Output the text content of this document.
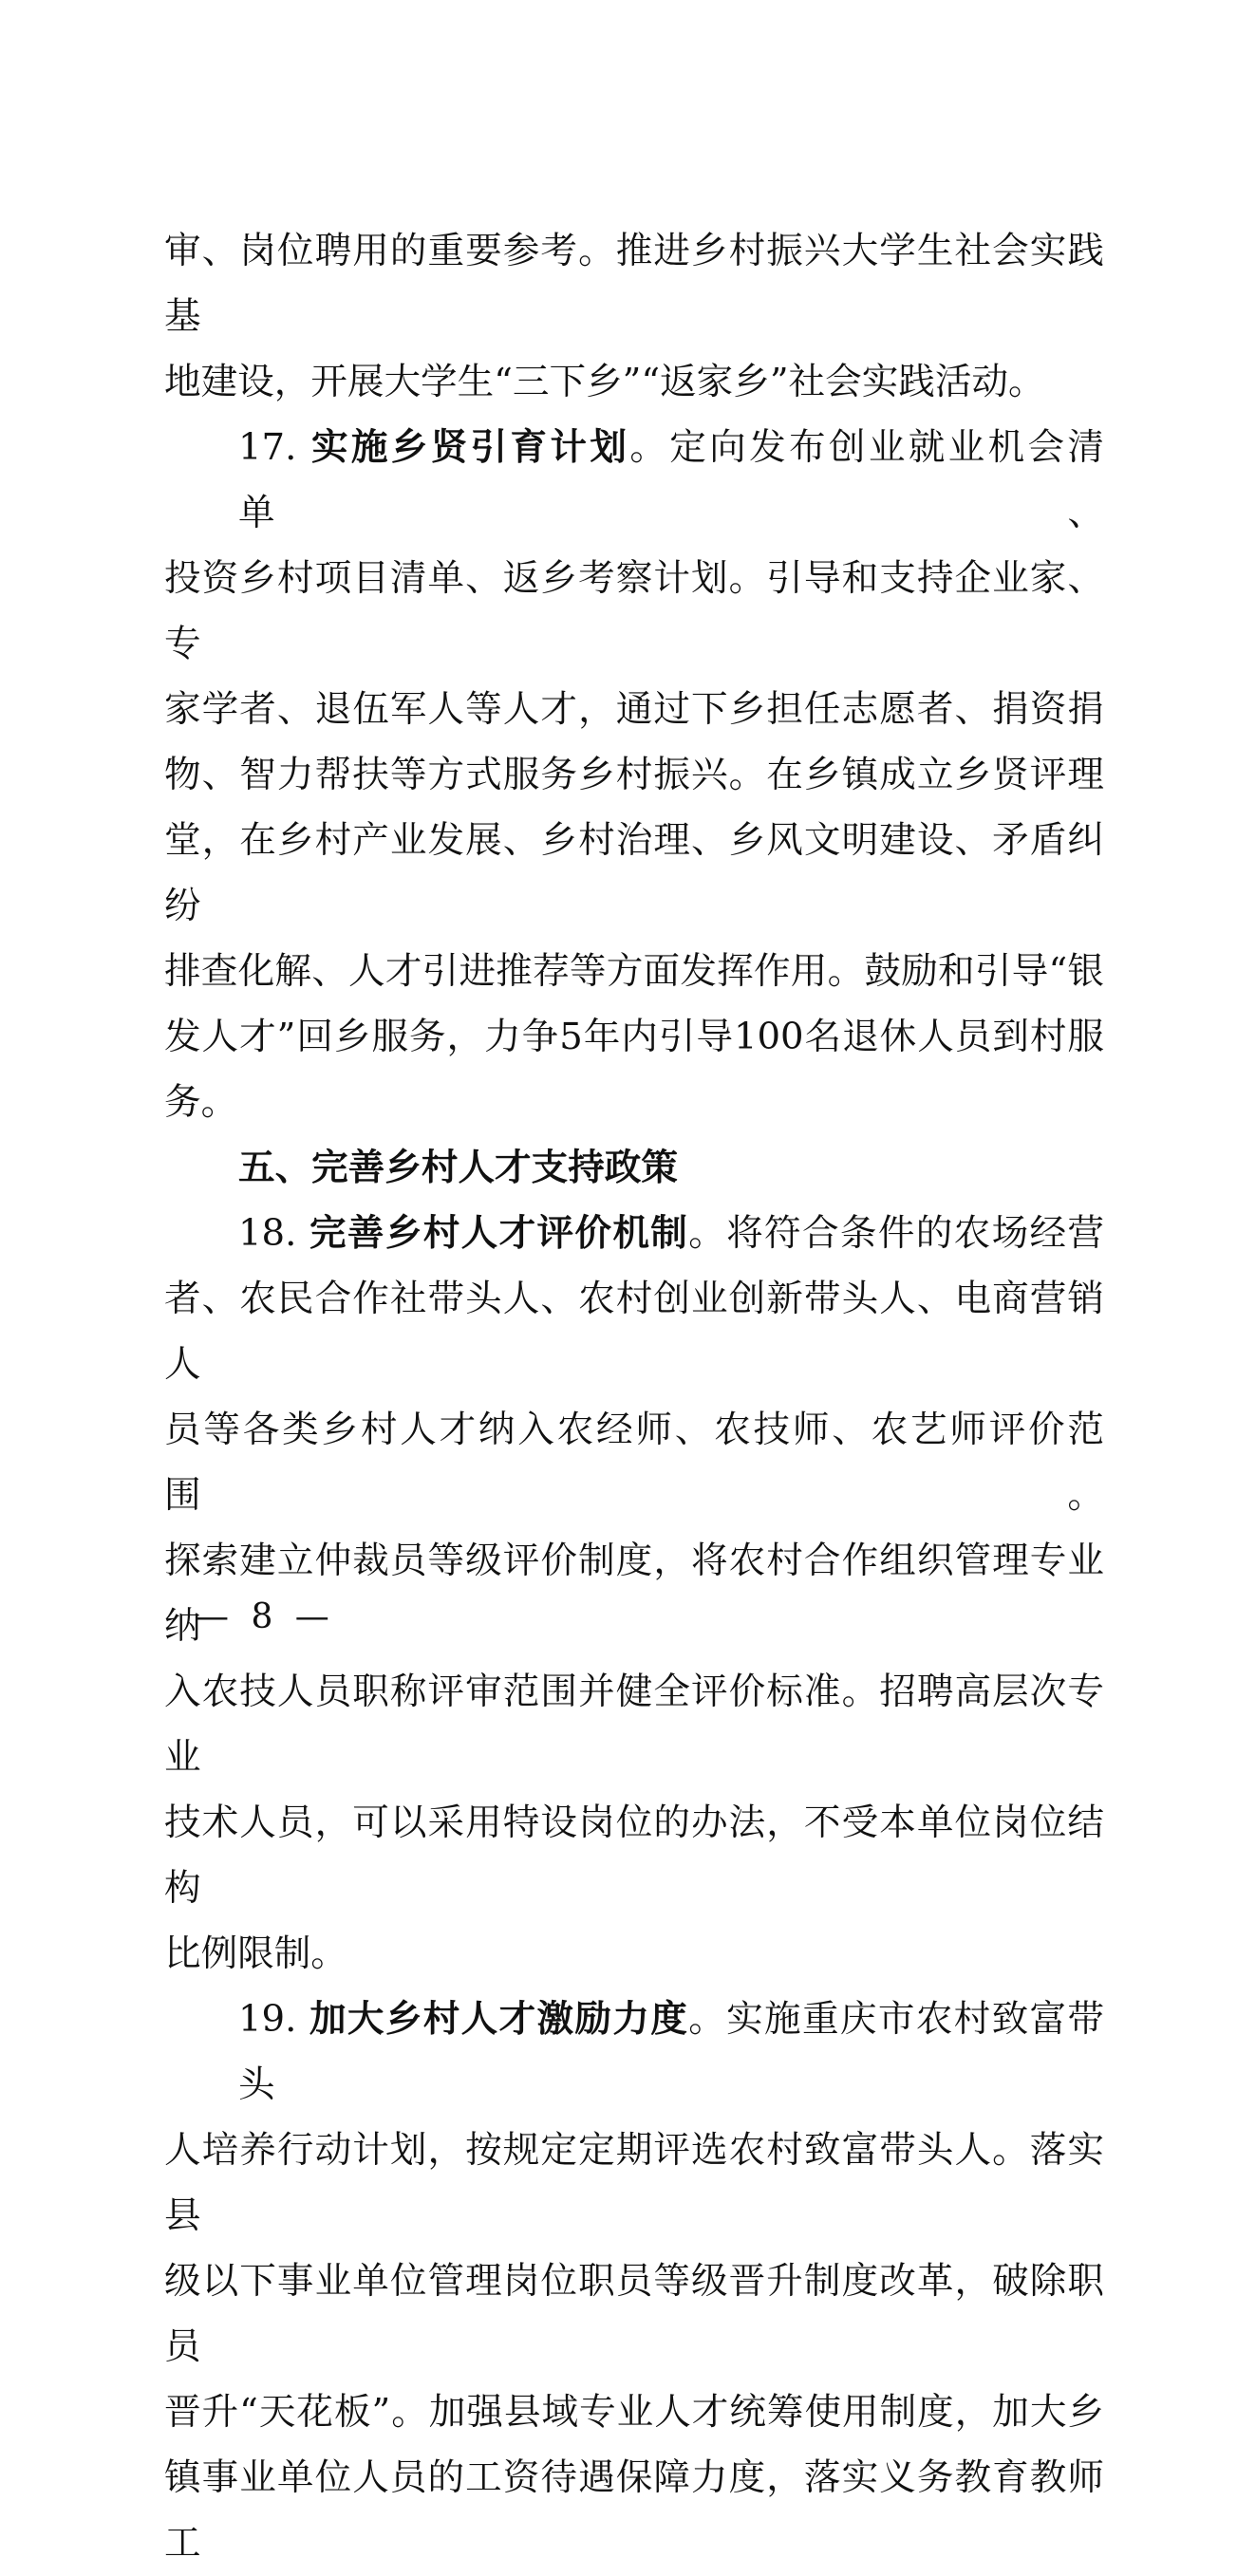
审、岗位聘用的重要参考。推进乡村振兴大学生社会实践基

地建设，开展大学生“三下乡”“返家乡”社会实践活动。

17. 实施乡贤引育计划。定向发布创业就业机会清单、

投资乡村项目清单、返乡考察计划。引导和支持企业家、专

家学者、退伍军人等人才，通过下乡担任志愿者、捐资捐

物、智力帮扶等方式服务乡村振兴。在乡镇成立乡贤评理

堂，在乡村产业发展、乡村治理、乡风文明建设、矛盾纠纷

排查化解、人才引进推荐等方面发挥作用。鼓励和引导“银

发人才”回乡服务，力争5年内引导100名退休人员到村服务。

五、完善乡村人才支持政策

18. 完善乡村人才评价机制。将符合条件的农场经营

者、农民合作社带头人、农村创业创新带头人、电商营销人

员等各类乡村人才纳入农经师、农技师、农艺师评价范围。

探索建立仲裁员等级评价制度，将农村合作组织管理专业纳

入农技人员职称评审范围并健全评价标准。招聘高层次专业

技术人员，可以采用特设岗位的办法，不受本单位岗位结构

比例限制。

19. 加大乡村人才激励力度。实施重庆市农村致富带头

人培养行动计划，按规定定期评选农村致富带头人。落实县

级以下事业单位管理岗位职员等级晋升制度改革，破除职员

晋升“天花板”。加强县域专业人才统筹使用制度，加大乡

镇事业单位人员的工资待遇保障力度，落实义务教育教师工

— 8 —
